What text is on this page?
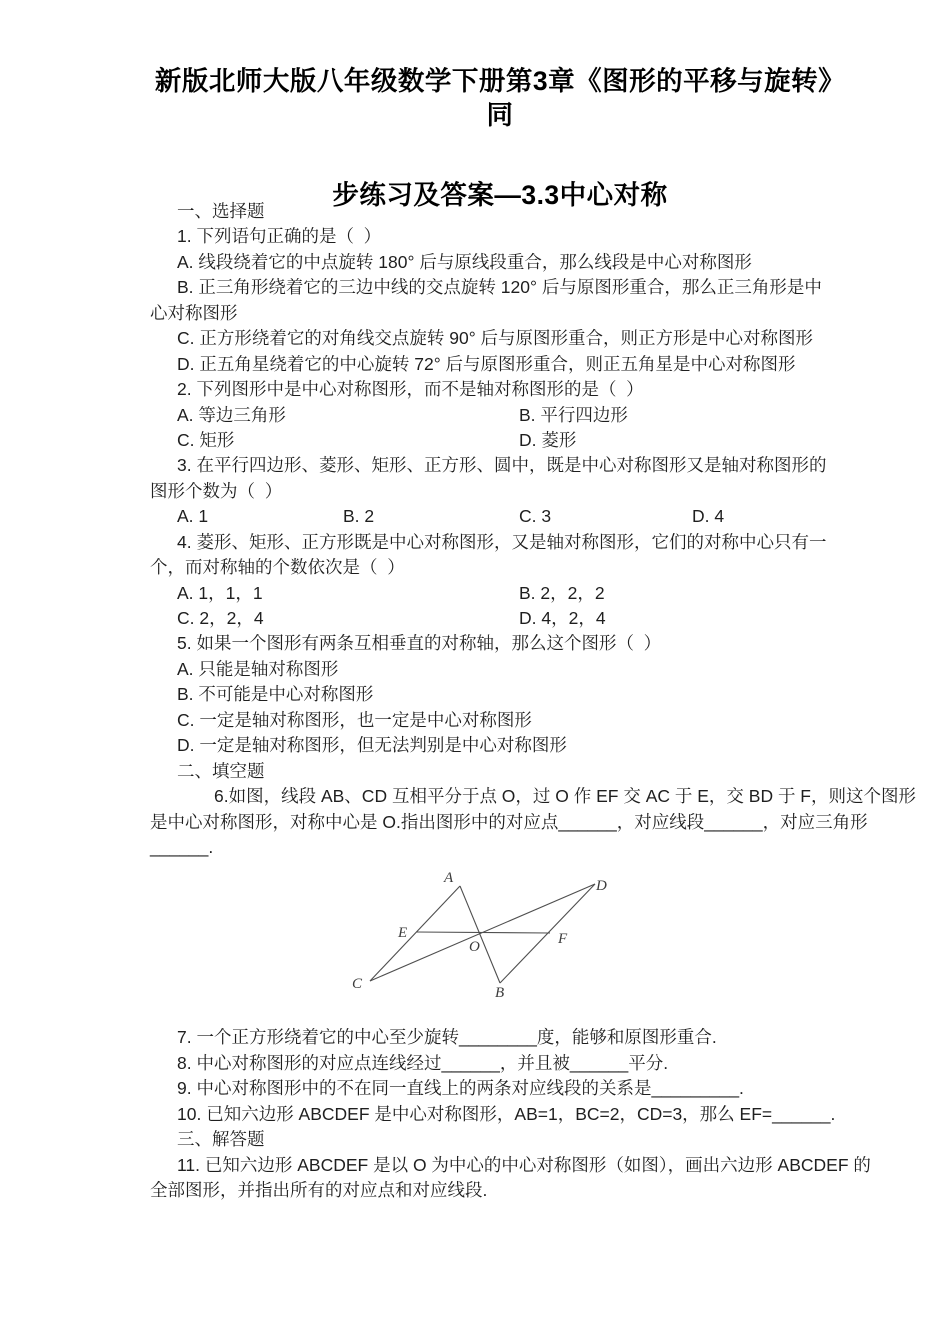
新版北师大版八年级数学下册第3章《图形的平移与旋转》同
步练习及答案—3.3中心对称
一、选择题
1. 下列语句正确的是（  ）
A. 线段绕着它的中点旋转 180° 后与原线段重合，那么线段是中心对称图形
B. 正三角形绕着它的三边中线的交点旋转 120° 后与原图形重合，那么正三角形是中
心对称图形
C. 正方形绕着它的对角线交点旋转 90° 后与原图形重合，则正方形是中心对称图形
D. 正五角星绕着它的中心旋转 72° 后与原图形重合，则正五角星是中心对称图形
2. 下列图形中是中心对称图形，而不是轴对称图形的是（  ）
A. 等边三角形	B. 平行四边形
C. 矩形	D. 菱形
3. 在平行四边形、菱形、矩形、正方形、圆中，既是中心对称图形又是轴对称图形的
图形个数为（  ）
A. 1	B. 2	C. 3	D. 4
4. 菱形、矩形、正方形既是中心对称图形，又是轴对称图形，它们的对称中心只有一
个，而对称轴的个数依次是（  ）
A. 1，1，1	B. 2，2，2
C. 2，2，4	D. 4，2，4
5. 如果一个图形有两条互相垂直的对称轴，那么这个图形（  ）
A. 只能是轴对称图形
B. 不可能是中心对称图形
C. 一定是轴对称图形，也一定是中心对称图形
D. 一定是轴对称图形，但无法判别是中心对称图形
二、填空题
6.如图，线段 AB、CD 互相平分于点 O，过 O 作 EF 交 AC 于 E，交 BD 于 F，则这个图形
是中心对称图形，对称中心是 O.指出图形中的对应点______，对应线段______，对应三角形
______.
A	D
E
O	F
C
B
7. 一个正方形绕着它的中心至少旋转________度，能够和原图形重合.
8. 中心对称图形的对应点连线经过______，并且被______平分.
9. 中心对称图形中的不在同一直线上的两条对应线段的关系是_________.
10. 已知六边形 ABCDEF 是中心对称图形，AB=1，BC=2，CD=3，那么 EF=______.
三、解答题
11. 已知六边形 ABCDEF 是以 O 为中心的中心对称图形（如图），画出六边形 ABCDEF 的
全部图形，并指出所有的对应点和对应线段.
